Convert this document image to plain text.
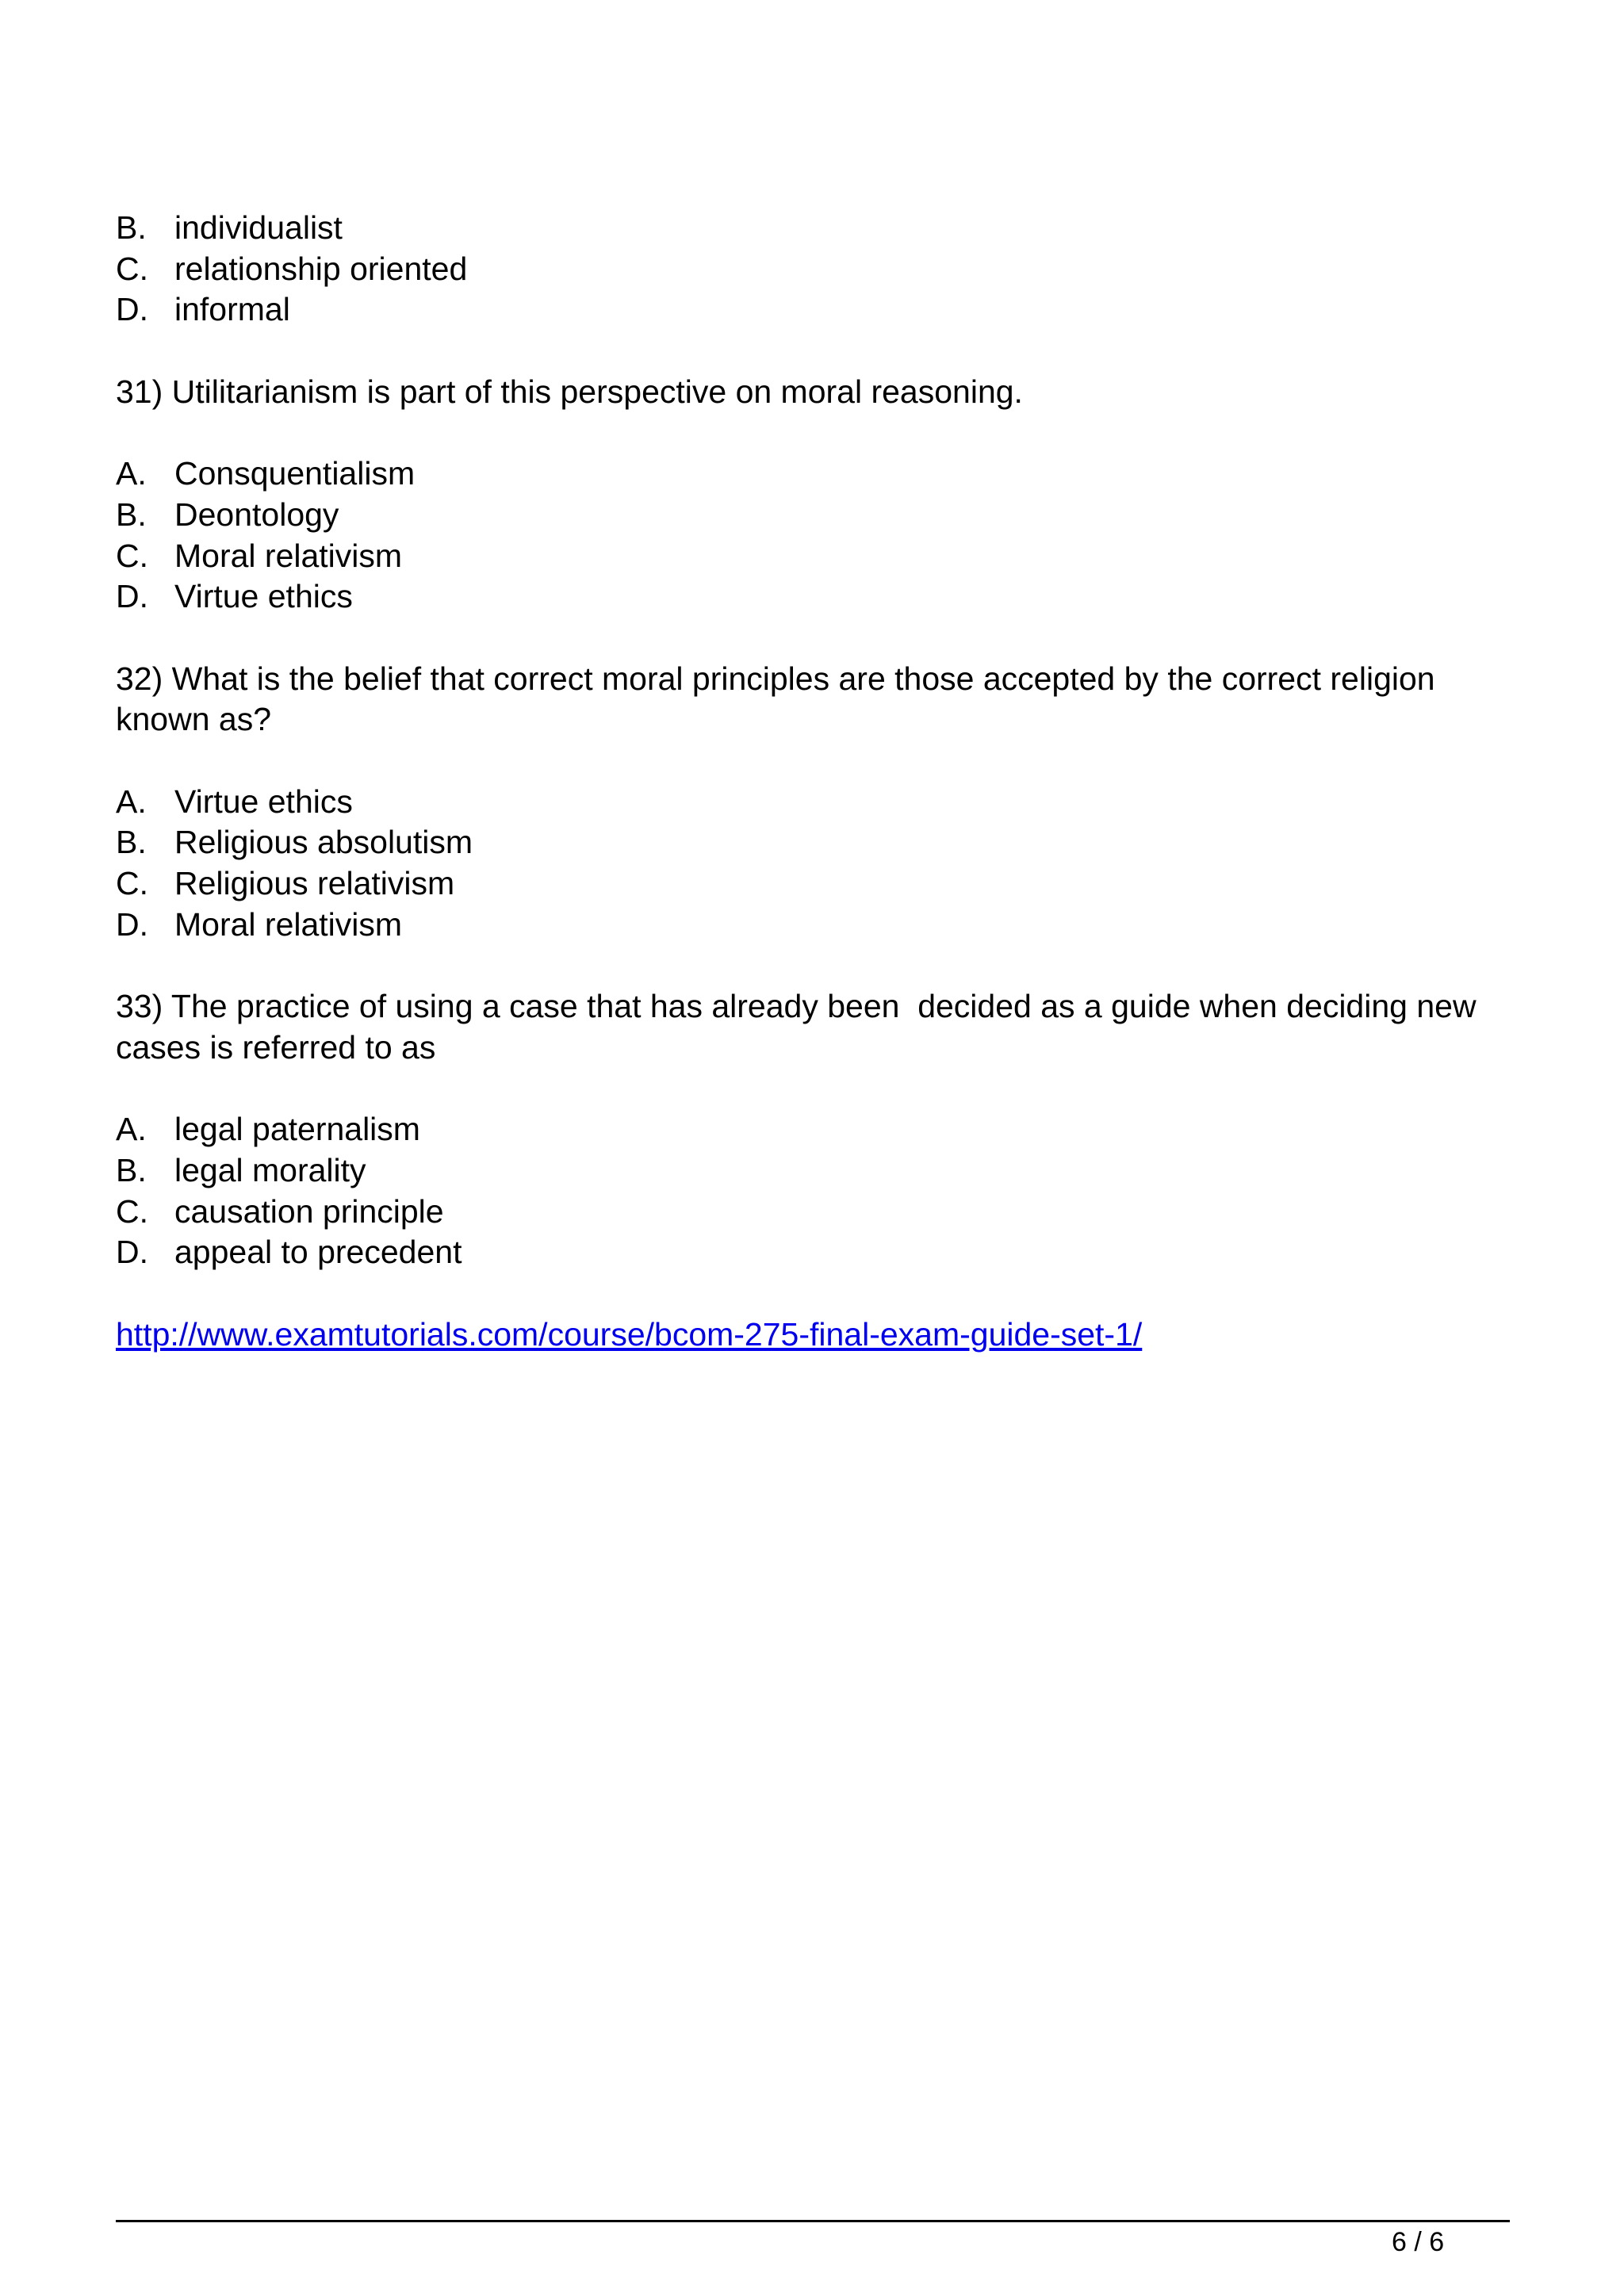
B. individualist
C. relationship oriented
D. informal
31) Utilitarianism is part of this perspective on moral reasoning.
A. Consquentialism
B. Deontology
C. Moral relativism
D. Virtue ethics
32) What is the belief that correct moral principles are those accepted by the correct religion
known as?
A. Virtue ethics
B. Religious absolutism
C. Religious relativism
D. Moral relativism
33) The practice of using a case that has already been  decided as a guide when deciding new
cases is referred to as
A. legal paternalism
B. legal morality
C. causation principle
D. appeal to precedent
http://www.examtutorials.com/course/bcom-275-final-exam-guide-set-1/
6 / 6
